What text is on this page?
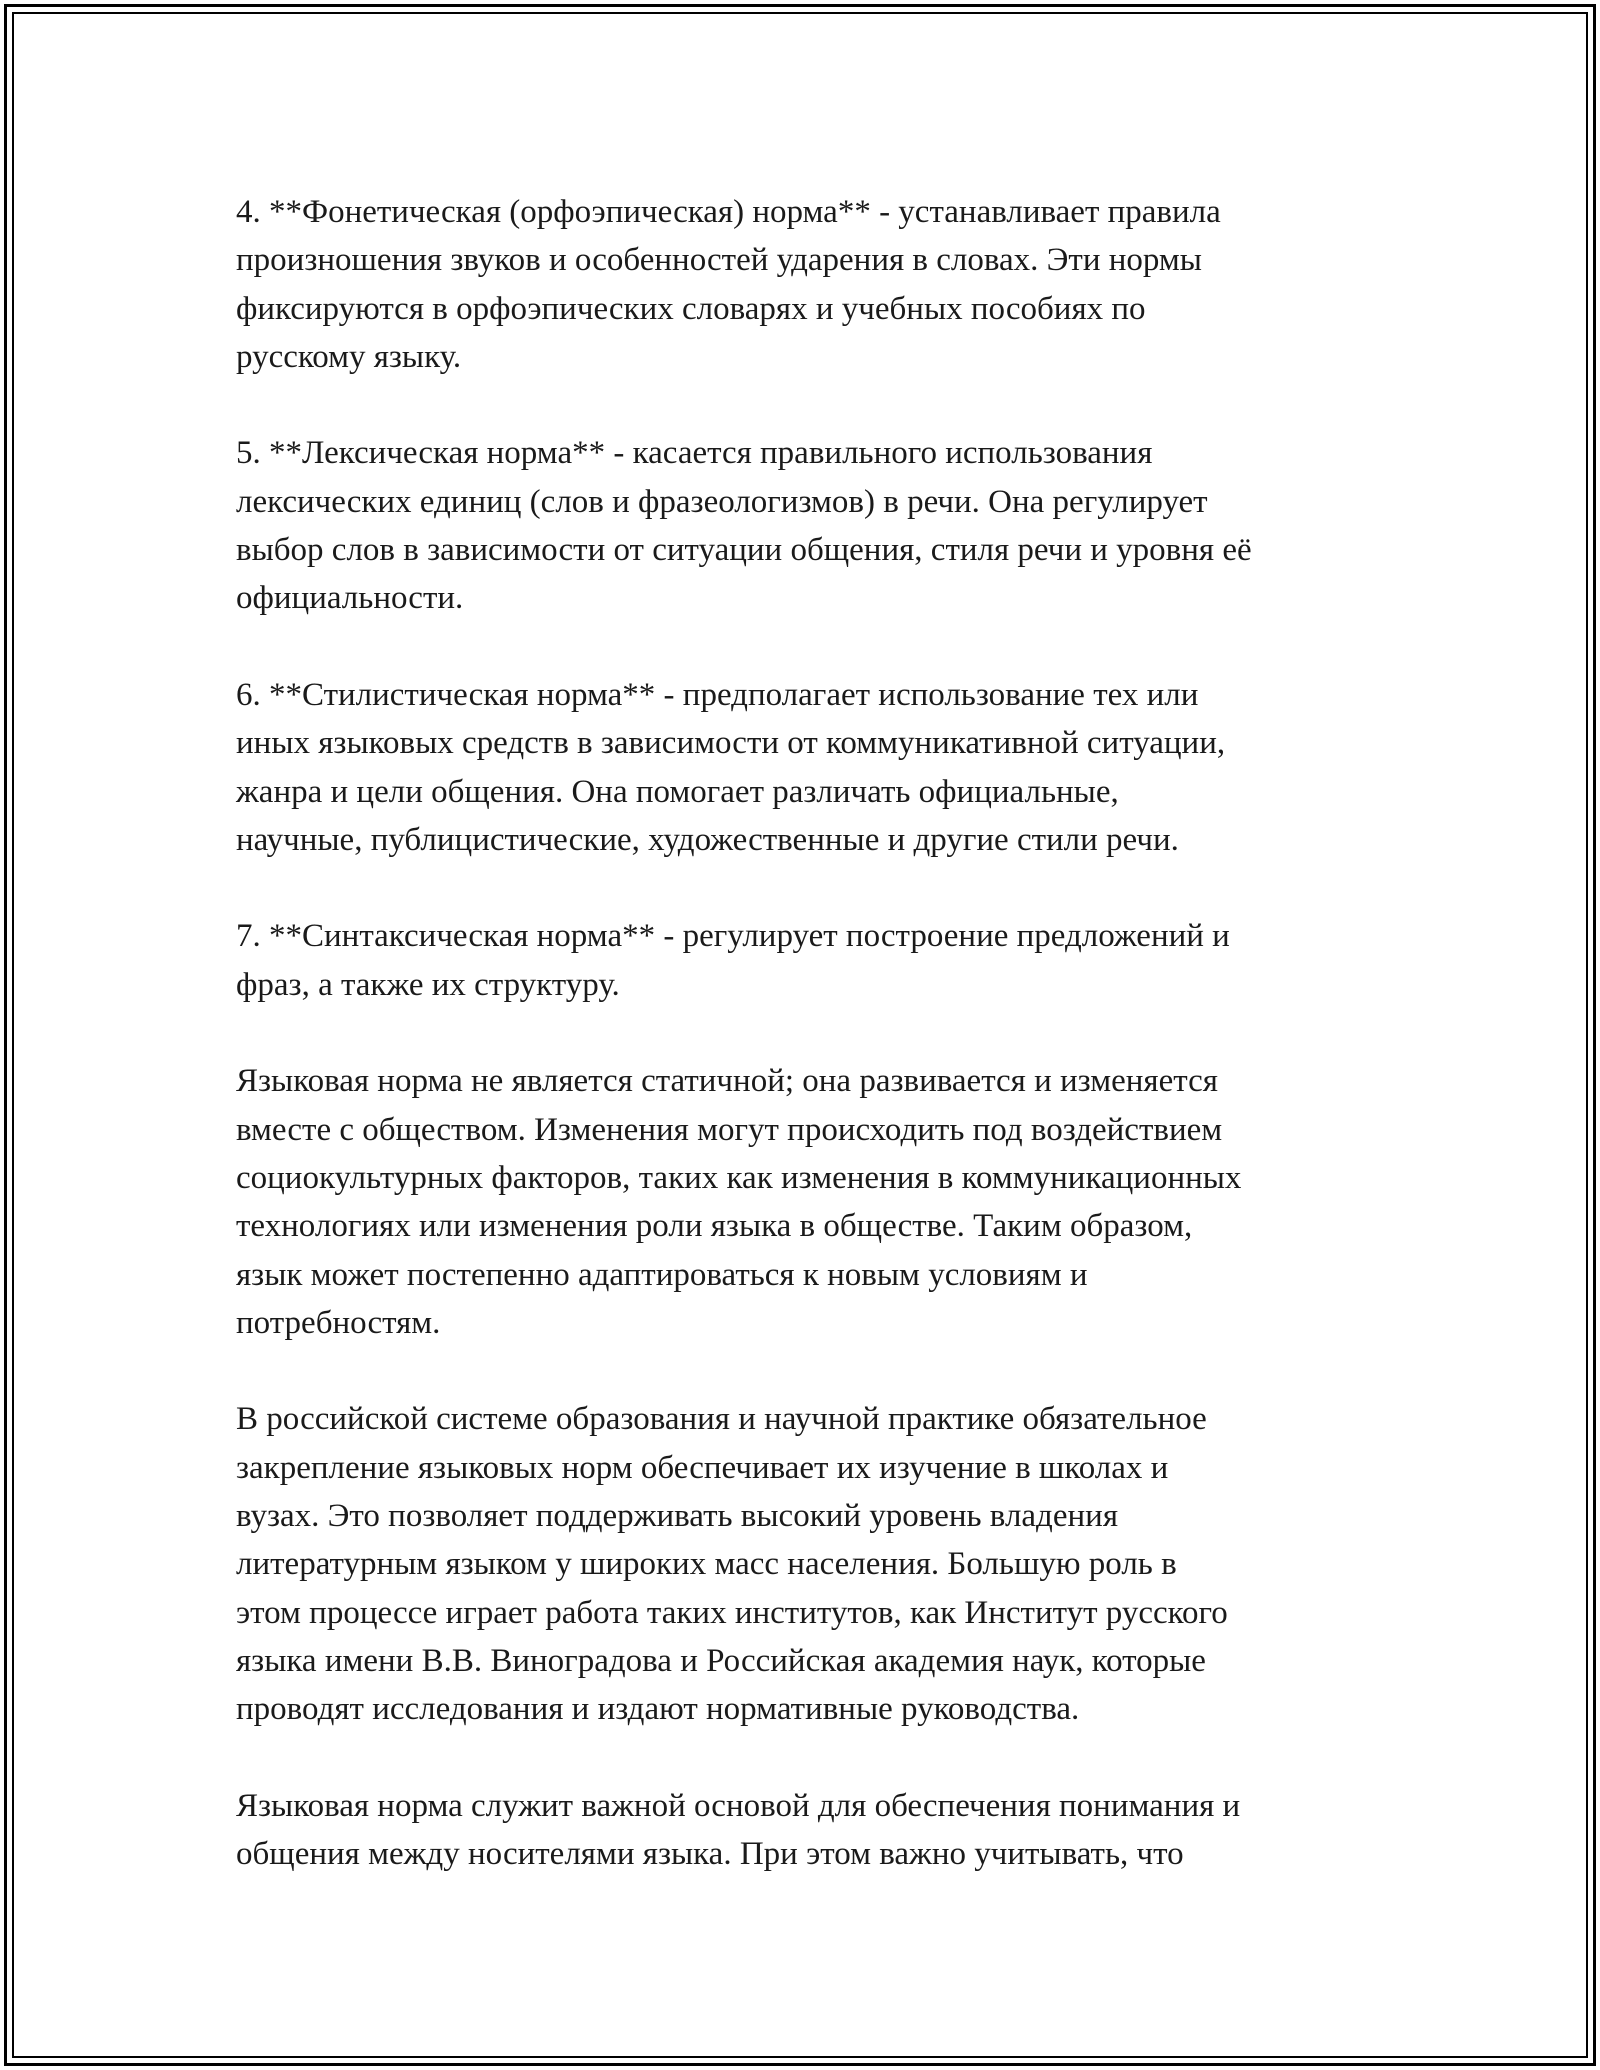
4. **Фонетическая (орфоэпическая) норма** - устанавливает правила
произношения звуков и особенностей ударения в словах. Эти нормы
фиксируются в орфоэпических словарях и учебных пособиях по
русскому языку.

5. **Лексическая норма** - касается правильного использования
лексических единиц (слов и фразеологизмов) в речи. Она регулирует
выбор слов в зависимости от ситуации общения, стиля речи и уровня её
официальности.

6. **Стилистическая норма** - предполагает использование тех или
иных языковых средств в зависимости от коммуникативной ситуации,
жанра и цели общения. Она помогает различать официальные,
научные, публицистические, художественные и другие стили речи.

7. **Синтаксическая норма** - регулирует построение предложений и
фраз, а также их структуру.

Языковая норма не является статичной; она развивается и изменяется
вместе с обществом. Изменения могут происходить под воздействием
социокультурных факторов, таких как изменения в коммуникационных
технологиях или изменения роли языка в обществе. Таким образом,
язык может постепенно адаптироваться к новым условиям и
потребностям.

В российской системе образования и научной практике обязательное
закрепление языковых норм обеспечивает их изучение в школах и
вузах. Это позволяет поддерживать высокий уровень владения
литературным языком у широких масс населения. Большую роль в
этом процессе играет работа таких институтов, как Институт русского
языка имени В.В. Виноградова и Российская академия наук, которые
проводят исследования и издают нормативные руководства.

Языковая норма служит важной основой для обеспечения понимания и
общения между носителями языка. При этом важно учитывать, что
